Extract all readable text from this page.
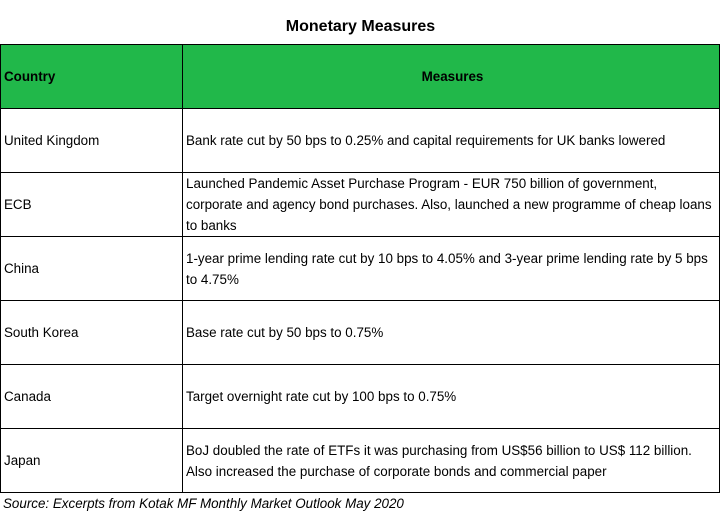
Monetary Measures
Country	Measures
United Kingdom	Bank rate cut by 50 bps to 0.25% and capital requirements for UK banks lowered
ECB	Launched Pandemic Asset Purchase Program - EUR 750 billion of government, corporate and agency bond purchases. Also, launched a new programme of cheap loans to banks
China	1-year prime lending rate cut by 10 bps to 4.05% and 3-year prime lending rate by 5 bps to 4.75%
South Korea	Base rate cut by 50 bps to 0.75%
Canada	Target overnight rate cut by 100 bps to 0.75%
Japan	BoJ doubled the rate of ETFs it was purchasing from US$56 billion to US$ 112 billion. Also increased the purchase of corporate bonds and commercial paper
Source: Excerpts from Kotak MF Monthly Market Outlook May 2020
